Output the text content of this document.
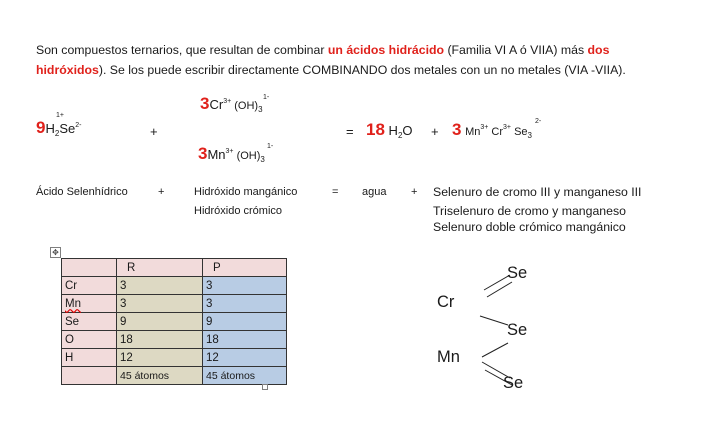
Son compuestos ternarios, que resultan de combinar un ácidos hidrácido (Familia VI A ó VIIA) más dos
hidróxidos). Se los puede escribir directamente COMBINANDO dos metales con un no metales (VIA -VIIA).
$9H_2Se^{2-}$
1+
+
$3Cr^{3+}$ $(OH)_3$
1-
$3Mn^{3+}$ $(OH)_3$
1-
= 18 $H_2O + 3$ $Mn^{3+}$ $Cr^{3+}$ $Se_3$
2-
Ácido Selenhídrico	+	Hidróxido mangánico
Hidróxido crómico
= agua + Selenuro de cromo III y manganeso III
Triselenuro de cromo y manganeso
Selenuro doble crómico mangánico
✥
	R	P
Cr	3	3
Mn	3	3
Se	9	9
O	18	18
H	12	12
	45 átomos	45 átomos
Cr
Mn
Se
Se
Se
